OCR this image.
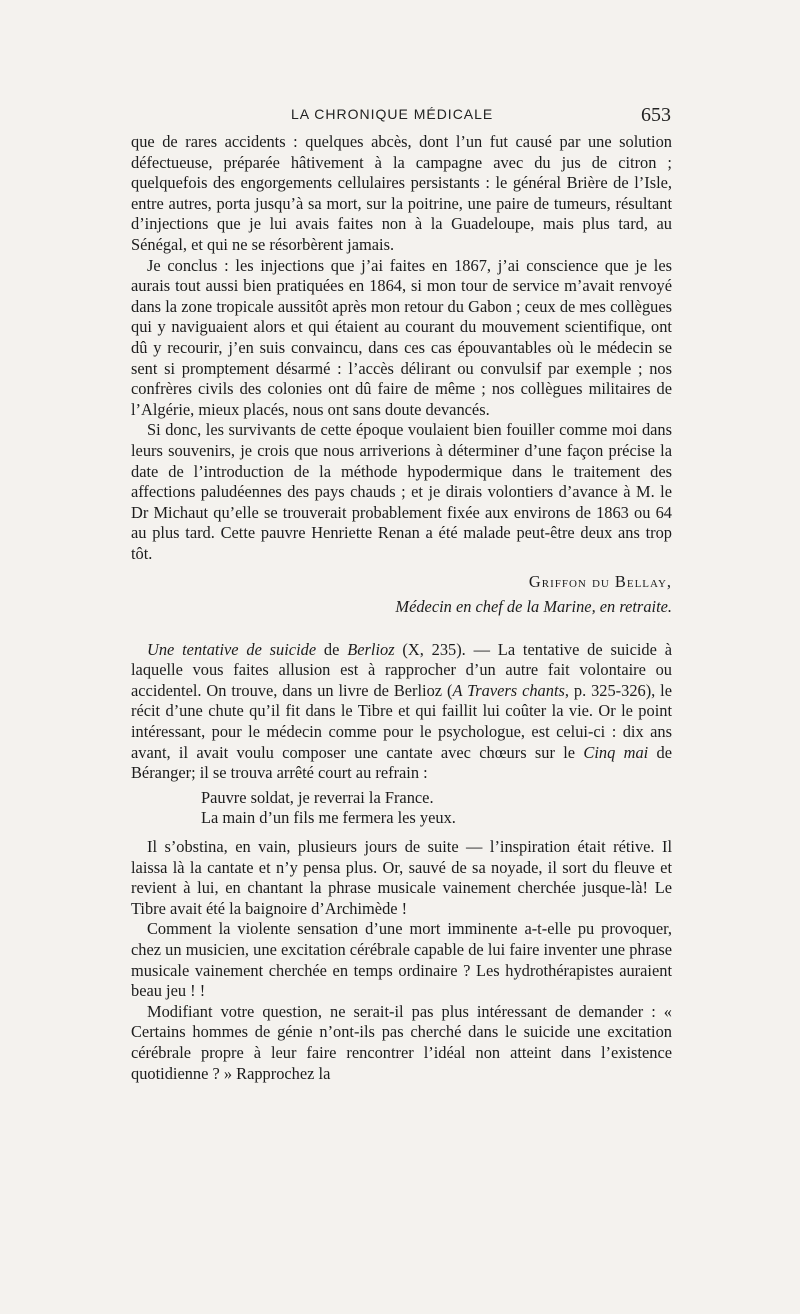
LA CHRONIQUE MÉDICALE	653

que de rares accidents : quelques abcès, dont l’un fut causé par une solution défectueuse, préparée hâtivement à la campagne avec du jus de citron ; quelquefois des engorgements cellulaires persistants : le général Brière de l’Isle, entre autres, porta jusqu’à sa mort, sur la poitrine, une paire de tumeurs, résultant d’injections que je lui avais faites non à la Guadeloupe, mais plus tard, au Sénégal, et qui ne se résorbèrent jamais.

Je conclus : les injections que j’ai faites en 1867, j’ai conscience que je les aurais tout aussi bien pratiquées en 1864, si mon tour de service m’avait renvoyé dans la zone tropicale aussitôt après mon retour du Gabon ; ceux de mes collègues qui y naviguaient alors et qui étaient au courant du mouvement scientifique, ont dû y recourir, j’en suis convaincu, dans ces cas épouvantables où le médecin se sent si promptement désarmé : l’accès délirant ou convulsif par exemple ; nos confrères civils des colonies ont dû faire de même ; nos collègues militaires de l’Algérie, mieux placés, nous ont sans doute devancés.

Si donc, les survivants de cette époque voulaient bien fouiller comme moi dans leurs souvenirs, je crois que nous arriverions à déterminer d’une façon précise la date de l’introduction de la méthode hypodermique dans le traitement des affections paludéennes des pays chauds ; et je dirais volontiers d’avance à M. le Dr Michaut qu’elle se trouverait probablement fixée aux environs de 1863 ou 64 au plus tard. Cette pauvre Henriette Renan a été malade peut-être deux ans trop tôt.

Griffon du Bellay,
Médecin en chef de la Marine, en retraite.

Une tentative de suicide de Berlioz (X, 235). — La tentative de suicide à laquelle vous faites allusion est à rapprocher d’un autre fait volontaire ou accidentel. On trouve, dans un livre de Berlioz (A Travers chants, p. 325-326), le récit d’une chute qu’il fit dans le Tibre et qui faillit lui coûter la vie. Or le point intéressant, pour le médecin comme pour le psychologue, est celui-ci : dix ans avant, il avait voulu composer une cantate avec chœurs sur le Cinq mai de Béranger; il se trouva arrêté court au refrain :

Pauvre soldat, je reverrai la France.
La main d’un fils me fermera les yeux.

Il s’obstina, en vain, plusieurs jours de suite — l’inspiration était rétive. Il laissa là la cantate et n’y pensa plus. Or, sauvé de sa noyade, il sort du fleuve et revient à lui, en chantant la phrase musicale vainement cherchée jusque-là! Le Tibre avait été la baignoire d’Archimède !

Comment la violente sensation d’une mort imminente a-t-elle pu provoquer, chez un musicien, une excitation cérébrale capable de lui faire inventer une phrase musicale vainement cherchée en temps ordinaire ? Les hydrothérapistes auraient beau jeu ! !

Modifiant votre question, ne serait-il pas plus intéressant de demander : « Certains hommes de génie n’ont-ils pas cherché dans le suicide une excitation cérébrale propre à leur faire rencontrer l’idéal non atteint dans l’existence quotidienne ? » Rapprochez la
